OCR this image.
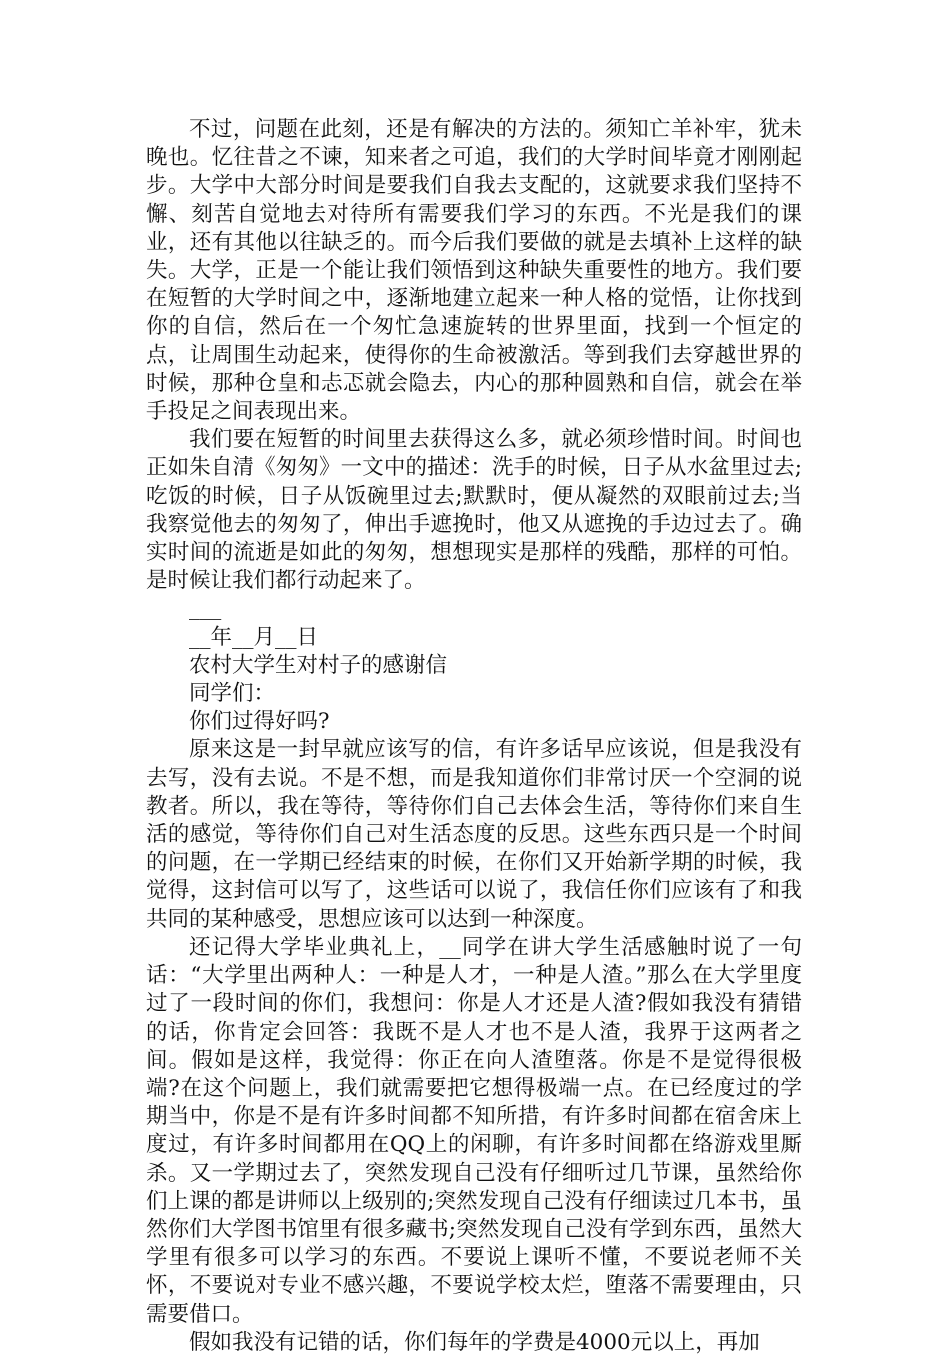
不过，问题在此刻，还是有解决的方法的。须知亡羊补牢，犹未晚也。忆往昔之不谏，知来者之可追，我们的大学时间毕竟才刚刚起步。大学中大部分时间是要我们自我去支配的，这就要求我们坚持不懈、刻苦自觉地去对待所有需要我们学习的东西。不光是我们的课业，还有其他以往缺乏的。而今后我们要做的就是去填补上这样的缺失。大学，正是一个能让我们领悟到这种缺失重要性的地方。我们要在短暂的大学时间之中，逐渐地建立起来一种人格的觉悟，让你找到你的自信，然后在一个匆忙急速旋转的世界里面，找到一个恒定的点，让周围生动起来，使得你的生命被激活。等到我们去穿越世界的时候，那种仓皇和忐忑就会隐去，内心的那种圆熟和自信，就会在举手投足之间表现出来。

我们要在短暂的时间里去获得这么多，就必须珍惜时间。时间也正如朱自清《匆匆》一文中的描述：洗手的时候，日子从水盆里过去;吃饭的时候，日子从饭碗里过去;默默时，便从凝然的双眼前过去;当我察觉他去的匆匆了，伸出手遮挽时，他又从遮挽的手边过去了。确实时间的流逝是如此的匆匆，想想现实是那样的残酷，那样的可怕。是时候让我们都行动起来了。

___

__年__月__日

农村大学生对村子的感谢信

同学们：

你们过得好吗?

原来这是一封早就应该写的信，有许多话早应该说，但是我没有去写，没有去说。不是不想，而是我知道你们非常讨厌一个空洞的说教者。所以，我在等待，等待你们自己去体会生活，等待你们来自生活的感觉，等待你们自己对生活态度的反思。这些东西只是一个时间的问题，在一学期已经结束的时候，在你们又开始新学期的时候，我觉得，这封信可以写了，这些话可以说了，我信任你们应该有了和我共同的某种感受，思想应该可以达到一种深度。

还记得大学毕业典礼上，__同学在讲大学生活感触时说了一句话：“大学里出两种人：一种是人才，一种是人渣。”那么在大学里度过了一段时间的你们，我想问：你是人才还是人渣?假如我没有猜错的话，你肯定会回答：我既不是人才也不是人渣，我界于这两者之间。假如是这样，我觉得：你正在向人渣堕落。你是不是觉得很极端?在这个问题上，我们就需要把它想得极端一点。在已经度过的学期当中，你是不是有许多时间都不知所措，有许多时间都在宿舍床上度过，有许多时间都用在QQ上的闲聊，有许多时间都在络游戏里厮杀。又一学期过去了，突然发现自己没有仔细听过几节课，虽然给你们上课的都是讲师以上级别的;突然发现自己没有仔细读过几本书，虽然你们大学图书馆里有很多藏书;突然发现自己没有学到东西，虽然大学里有很多可以学习的东西。不要说上课听不懂，不要说老师不关怀，不要说对专业不感兴趣，不要说学校太烂，堕落不需要理由，只需要借口。

假如我没有记错的话，你们每年的学费是4000元以上，再加
